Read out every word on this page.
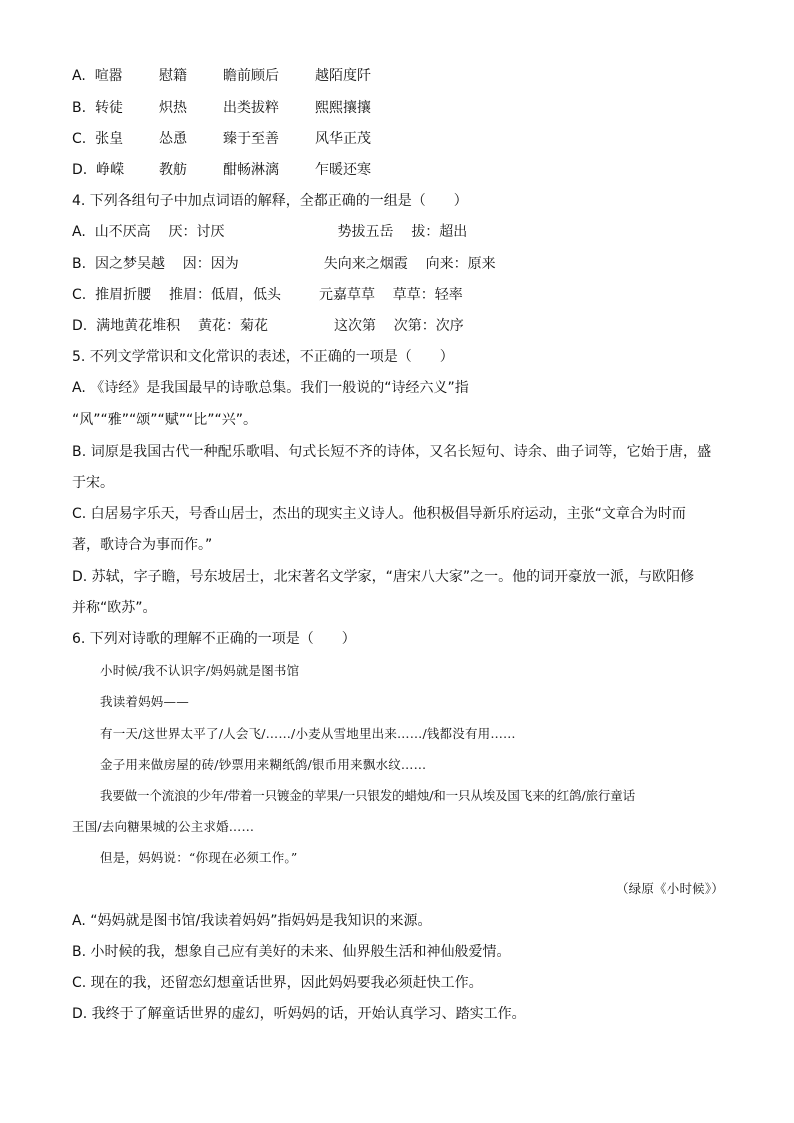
A. 喧嚣	慰籍	瞻前顾后	越陌度阡
B. 转徒	炽热	出类拔粹	熙熙攘攘
C. 张皇	怂恿	臻于至善	风华正茂
D. 峥嵘	教舫	酣畅淋漓	乍暖还寒
4. 下列各组句子中加点词语的解释，全都正确的一组是（　　）
A. 山不厌高 厌：讨厌	势拔五岳 拔：超出
B. 因之梦吴越 因：因为	失向来之烟霞 向来：原来
C. 推眉折腰 推眉：低眉，低头	元嘉草草 草草：轻率
D. 满地黄花堆积 黄花：菊花	这次第 次第：次序
5. 不列文学常识和文化常识的表述，不正确的一项是（　　）
A. 《诗经》是我国最早的诗歌总集。我们一般说的“诗经六义”指
“风”“雅”“颂”“赋”“比”“兴”。
B. 词原是我国古代一种配乐歌唱、句式长短不齐的诗体，又名长短句、诗余、曲子词等，它始于唐，盛
于宋。
C. 白居易字乐天，号香山居士，杰出的现实主义诗人。他积极倡导新乐府运动，主张“文章合为时而
著，歌诗合为事而作。”
D. 苏轼，字子瞻，号东坡居士，北宋著名文学家，“唐宋八大家”之一。他的词开豪放一派，与欧阳修
并称“欧苏”。
6. 下列对诗歌的理解不正确的一项是（　　）
小时候/我不认识字/妈妈就是图书馆
我读着妈妈——
有一天/这世界太平了/人会飞/……/小麦从雪地里出来……/钱都没有用……
金子用来做房屋的砖/钞票用来糊纸鸽/银币用来飘水纹……
我要做一个流浪的少年/带着一只镀金的苹果/一只银发的蜡烛/和一只从埃及国飞来的红鸽/旅行童话
王国/去向糖果城的公主求婚……
但是，妈妈说：“你现在必须工作。”
（绿原《小时候》）
A. “妈妈就是图书馆/我读着妈妈”指妈妈是我知识的来源。
B. 小时候的我，想象自己应有美好的未来、仙界般生活和神仙般爱情。
C. 现在的我，还留恋幻想童话世界，因此妈妈要我必须赶快工作。
D. 我终于了解童话世界的虚幻，听妈妈的话，开始认真学习、踏实工作。
